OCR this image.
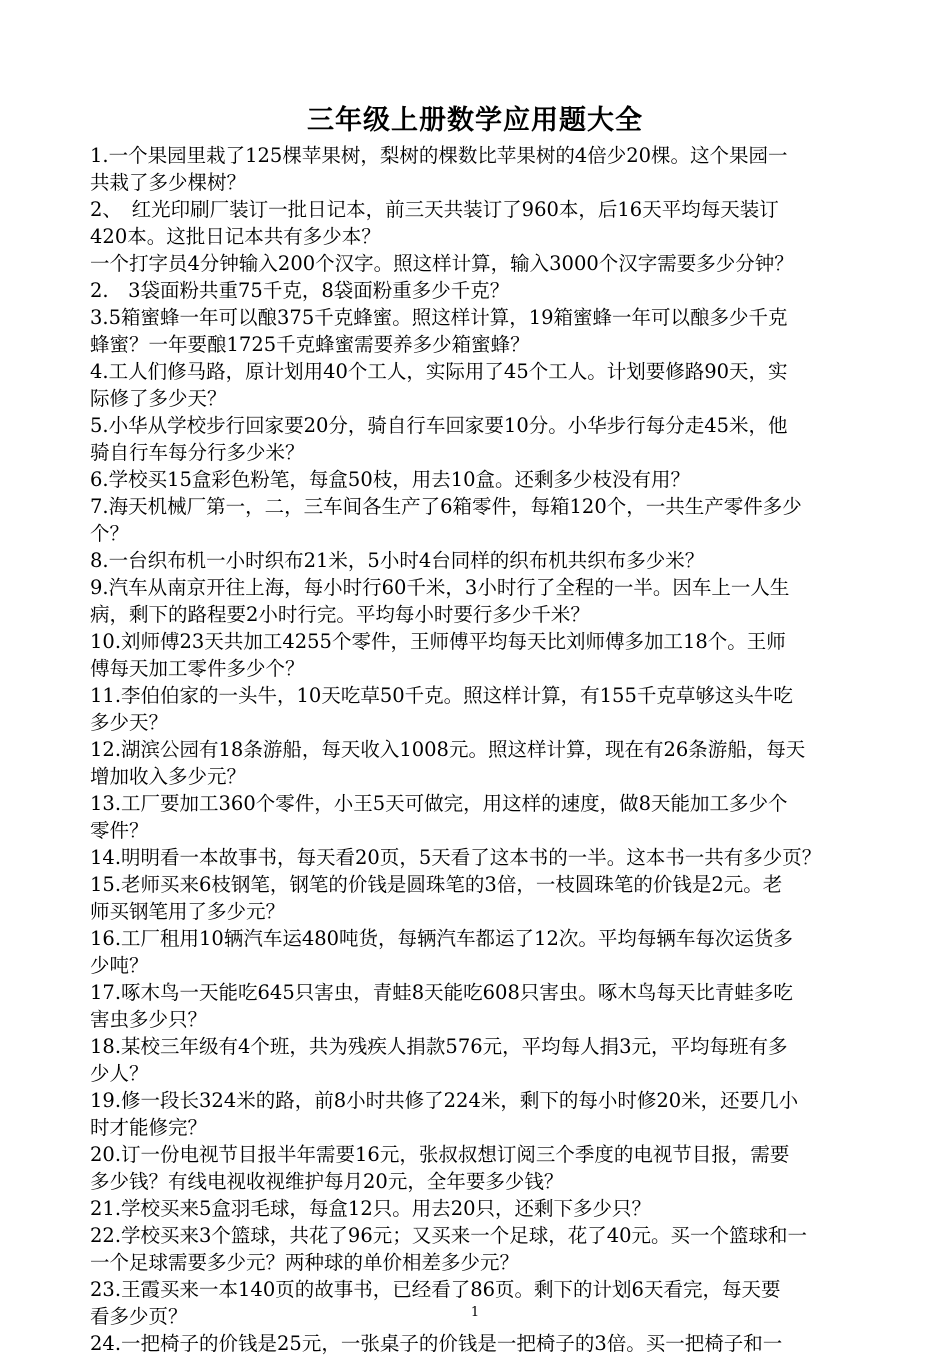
三年级上册数学应用题大全
1.一个果园里栽了125棵苹果树，梨树的棵数比苹果树的4倍少20棵。这个果园一
共栽了多少棵树？
2、　红光印刷厂装订一批日记本，前三天共装订了960本，后16天平均每天装订
420本。这批日记本共有多少本？
一个打字员4分钟输入200个汉字。照这样计算，输入3000个汉字需要多少分钟？
2.　3袋面粉共重75千克，8袋面粉重多少千克？
3.5箱蜜蜂一年可以酿375千克蜂蜜。照这样计算，19箱蜜蜂一年可以酿多少千克
蜂蜜？一年要酿1725千克蜂蜜需要养多少箱蜜蜂？
4.工人们修马路，原计划用40个工人，实际用了45个工人。计划要修路90天，实
际修了多少天？
5.小华从学校步行回家要20分，骑自行车回家要10分。小华步行每分走45米，他
骑自行车每分行多少米？
6.学校买15盒彩色粉笔，每盒50枝，用去10盒。还剩多少枝没有用？
7.海天机械厂第一，二，三车间各生产了6箱零件，每箱120个，一共生产零件多少
个？
8.一台织布机一小时织布21米，5小时4台同样的织布机共织布多少米？
9.汽车从南京开往上海，每小时行60千米，3小时行了全程的一半。因车上一人生
病，剩下的路程要2小时行完。平均每小时要行多少千米？
10.刘师傅23天共加工4255个零件，王师傅平均每天比刘师傅多加工18个。王师
傅每天加工零件多少个？
11.李伯伯家的一头牛，10天吃草50千克。照这样计算，有155千克草够这头牛吃
多少天？
12.湖滨公园有18条游船，每天收入1008元。照这样计算，现在有26条游船，每天
增加收入多少元？
13.工厂要加工360个零件，小王5天可做完，用这样的速度，做8天能加工多少个
零件？
14.明明看一本故事书，每天看20页，5天看了这本书的一半。这本书一共有多少页？
15.老师买来6枝钢笔，钢笔的价钱是圆珠笔的3倍，一枝圆珠笔的价钱是2元。老
师买钢笔用了多少元？
16.工厂租用10辆汽车运480吨货，每辆汽车都运了12次。平均每辆车每次运货多
少吨？
17.啄木鸟一天能吃645只害虫，青蛙8天能吃608只害虫。啄木鸟每天比青蛙多吃
害虫多少只？
18.某校三年级有4个班，共为残疾人捐款576元，平均每人捐3元，平均每班有多
少人？
19.修一段长324米的路，前8小时共修了224米，剩下的每小时修20米，还要几小
时才能修完？
20.订一份电视节目报半年需要16元，张叔叔想订阅三个季度的电视节目报，需要
多少钱？有线电视收视维护每月20元，全年要多少钱？
21.学校买来5盒羽毛球，每盒12只。用去20只，还剩下多少只？
22.学校买来3个篮球，共花了96元；又买来一个足球，花了40元。买一个篮球和一
一个足球需要多少元？两种球的单价相差多少元？
23.王霞买来一本140页的故事书，已经看了86页。剩下的计划6天看完，每天要
看多少页？
24.一把椅子的价钱是25元，一张桌子的价钱是一把椅子的3倍。买一把椅子和一
1
